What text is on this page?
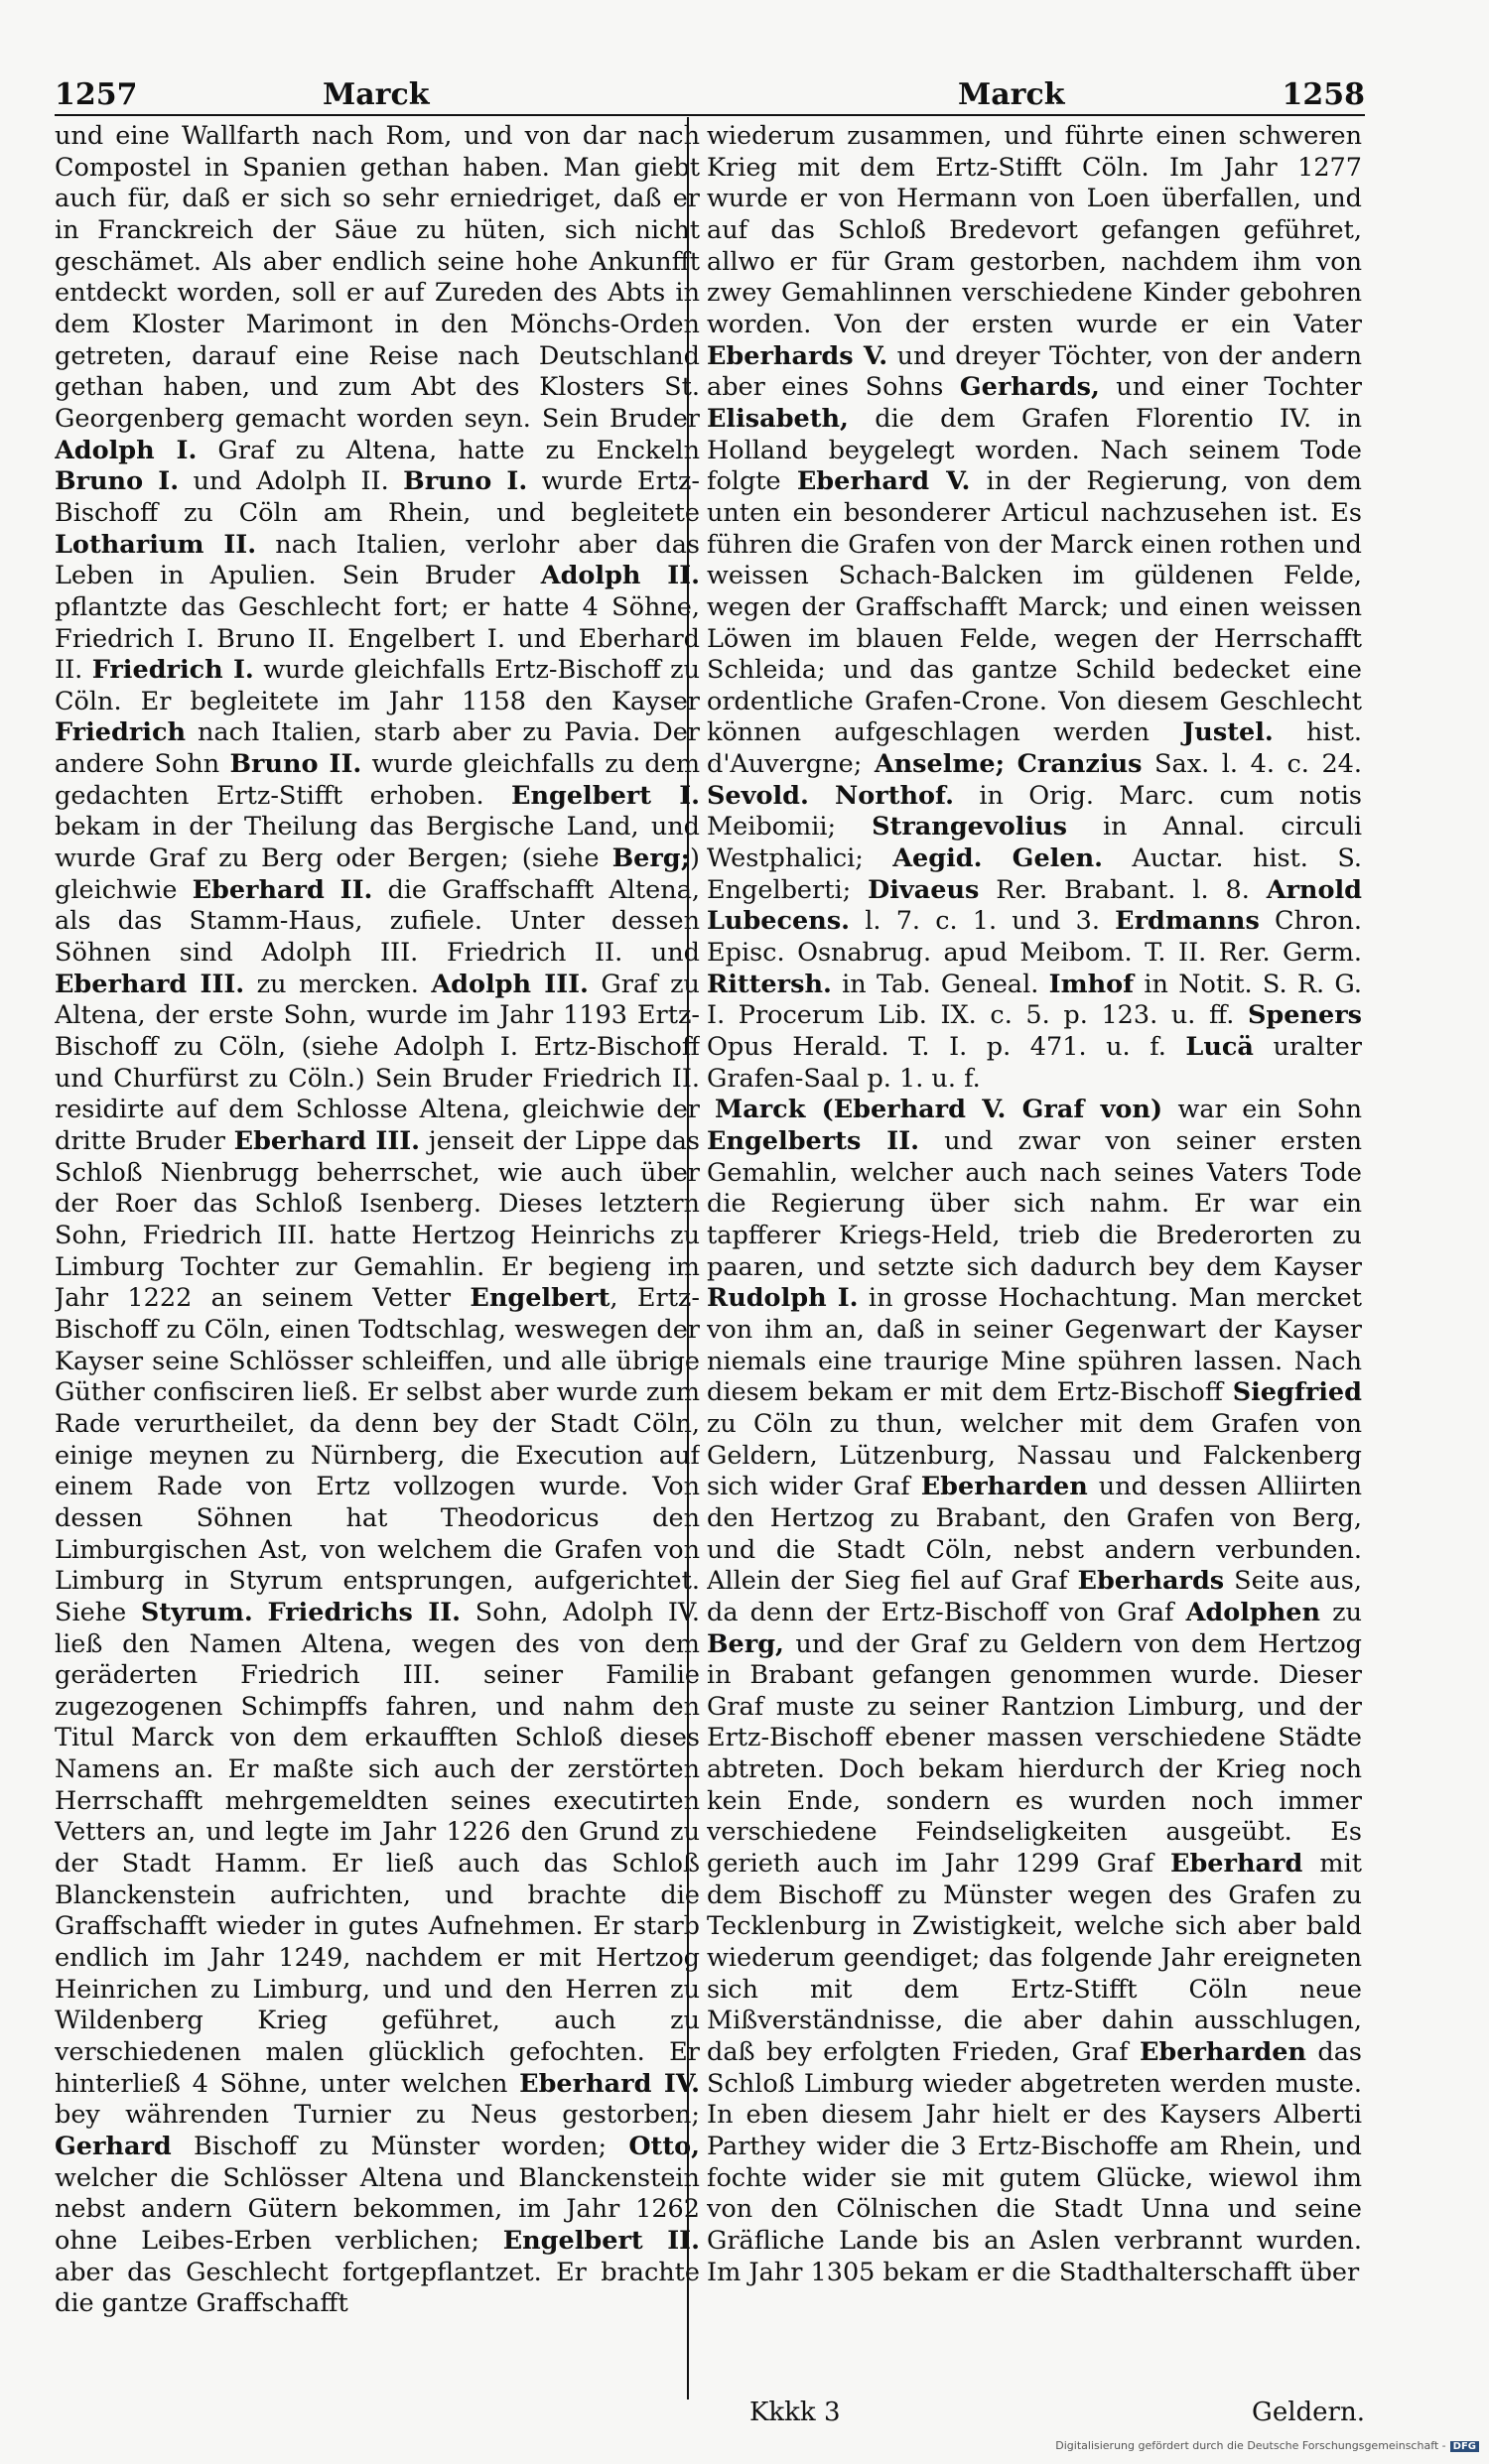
1257	Marck	Marck	1258

und eine Wallfarth nach Rom, und von dar nach Compostel in Spanien gethan haben. Man giebt auch für, daß er sich so sehr erniedriget, daß er in Franckreich der Säue zu hüten, sich nicht geschämet. Als aber endlich seine hohe Ankunfft entdeckt worden, soll er auf Zureden des Abts in dem Kloster Marimont in den Mönchs-Orden getreten, darauf eine Reise nach Deutschland gethan haben, und zum Abt des Klosters St. Georgenberg gemacht worden seyn. Sein Bruder Adolph I. Graf zu Altena, hatte zu Enckeln Bruno I. und Adolph II. Bruno I. wurde Ertz-Bischoff zu Cöln am Rhein, und begleitete Lotharium II. nach Italien, verlohr aber das Leben in Apulien. Sein Bruder Adolph II. pflantzte das Geschlecht fort; er hatte 4 Söhne, Friedrich I. Bruno II. Engelbert I. und Eberhard II. Friedrich I. wurde gleichfalls Ertz-Bischoff zu Cöln. Er begleitete im Jahr 1158 den Kayser Friedrich nach Italien, starb aber zu Pavia. Der andere Sohn Bruno II. wurde gleichfalls zu dem gedachten Ertz-Stifft erhoben. Engelbert I. bekam in der Theilung das Bergische Land, und wurde Graf zu Berg oder Bergen; (siehe Berg;) gleichwie Eberhard II. die Graffschafft Altena, als das Stamm-Haus, zufiele. Unter dessen Söhnen sind Adolph III. Friedrich II. und Eberhard III. zu mercken. Adolph III. Graf zu Altena, der erste Sohn, wurde im Jahr 1193 Ertz-Bischoff zu Cöln, (siehe Adolph I. Ertz-Bischoff und Churfürst zu Cöln.) Sein Bruder Friedrich II. residirte auf dem Schlosse Altena, gleichwie der dritte Bruder Eberhard III. jenseit der Lippe das Schloß Nienbrugg beherrschet, wie auch über der Roer das Schloß Isenberg. Dieses letztern Sohn, Friedrich III. hatte Hertzog Heinrichs zu Limburg Tochter zur Gemahlin. Er begieng im Jahr 1222 an seinem Vetter Engelbert, Ertz-Bischoff zu Cöln, einen Todtschlag, weswegen der Kayser seine Schlösser schleiffen, und alle übrige Güther confisciren ließ. Er selbst aber wurde zum Rade verurtheilet, da denn bey der Stadt Cöln, einige meynen zu Nürnberg, die Execution auf einem Rade von Ertz vollzogen wurde. Von dessen Söhnen hat Theodoricus den Limburgischen Ast, von welchem die Grafen von Limburg in Styrum entsprungen, aufgerichtet. Siehe Styrum. Friedrichs II. Sohn, Adolph IV. ließ den Namen Altena, wegen des von dem geräderten Friedrich III. seiner Familie zugezogenen Schimpffs fahren, und nahm den Titul Marck von dem erkaufften Schloß dieses Namens an. Er maßte sich auch der zerstörten Herrschafft mehrgemeldten seines executirten Vetters an, und legte im Jahr 1226 den Grund zu der Stadt Hamm. Er ließ auch das Schloß Blanckenstein aufrichten, und brachte die Graffschafft wieder in gutes Aufnehmen. Er starb endlich im Jahr 1249, nachdem er mit Hertzog Heinrichen zu Limburg, und und den Herren zu Wildenberg Krieg geführet, auch zu verschiedenen malen glücklich gefochten. Er hinterließ 4 Söhne, unter welchen Eberhard IV. bey währenden Turnier zu Neus gestorben; Gerhard Bischoff zu Münster worden; Otto, welcher die Schlösser Altena und Blanckenstein nebst andern Gütern bekommen, im Jahr 1262 ohne Leibes-Erben verblichen; Engelbert II. aber das Geschlecht fortgepflantzet. Er brachte die gantze Graffschafft

wiederum zusammen, und führte einen schweren Krieg mit dem Ertz-Stifft Cöln. Im Jahr 1277 wurde er von Hermann von Loen überfallen, und auf das Schloß Bredevort gefangen geführet, allwo er für Gram gestorben, nachdem ihm von zwey Gemahlinnen verschiedene Kinder gebohren worden. Von der ersten wurde er ein Vater Eberhards V. und dreyer Töchter, von der andern aber eines Sohns Gerhards, und einer Tochter Elisabeth, die dem Grafen Florentio IV. in Holland beygelegt worden. Nach seinem Tode folgte Eberhard V. in der Regierung, von dem unten ein besonderer Articul nachzusehen ist. Es führen die Grafen von der Marck einen rothen und weissen Schach-Balcken im güldenen Felde, wegen der Graffschafft Marck; und einen weissen Löwen im blauen Felde, wegen der Herrschafft Schleida; und das gantze Schild bedecket eine ordentliche Grafen-Crone. Von diesem Geschlecht können aufgeschlagen werden Justel. hist. d'Auvergne; Anselme; Cranzius Sax. l. 4. c. 24. Sevold. Northof. in Orig. Marc. cum notis Meibomii; Strangevolius in Annal. circuli Westphalici; Aegid. Gelen. Auctar. hist. S. Engelberti; Divaeus Rer. Brabant. l. 8. Arnold Lubecens. l. 7. c. 1. und 3. Erdmanns Chron. Episc. Osnabrug. apud Meibom. T. II. Rer. Germ. Rittersh. in Tab. Geneal. Imhof in Notit. S. R. G. I. Procerum Lib. IX. c. 5. p. 123. u. ff. Speners Opus Herald. T. I. p. 471. u. f. Lucä uralter Grafen-Saal p. 1. u. f.

Marck (Eberhard V. Graf von) war ein Sohn Engelberts II. und zwar von seiner ersten Gemahlin, welcher auch nach seines Vaters Tode die Regierung über sich nahm. Er war ein tapfferer Kriegs-Held, trieb die Brederorten zu paaren, und setzte sich dadurch bey dem Kayser Rudolph I. in grosse Hochachtung. Man mercket von ihm an, daß in seiner Gegenwart der Kayser niemals eine traurige Mine spühren lassen. Nach diesem bekam er mit dem Ertz-Bischoff Siegfried zu Cöln zu thun, welcher mit dem Grafen von Geldern, Lützenburg, Nassau und Falckenberg sich wider Graf Eberharden und dessen Alliirten den Hertzog zu Brabant, den Grafen von Berg, und die Stadt Cöln, nebst andern verbunden. Allein der Sieg fiel auf Graf Eberhards Seite aus, da denn der Ertz-Bischoff von Graf Adolphen zu Berg, und der Graf zu Geldern von dem Hertzog in Brabant gefangen genommen wurde. Dieser Graf muste zu seiner Rantzion Limburg, und der Ertz-Bischoff ebener massen verschiedene Städte abtreten. Doch bekam hierdurch der Krieg noch kein Ende, sondern es wurden noch immer verschiedene Feindseligkeiten ausgeübt. Es gerieth auch im Jahr 1299 Graf Eberhard mit dem Bischoff zu Münster wegen des Grafen zu Tecklenburg in Zwistigkeit, welche sich aber bald wiederum geendiget; das folgende Jahr ereigneten sich mit dem Ertz-Stifft Cöln neue Mißverständnisse, die aber dahin ausschlugen, daß bey erfolgten Frieden, Graf Eberharden das Schloß Limburg wieder abgetreten werden muste. In eben diesem Jahr hielt er des Kaysers Alberti Parthey wider die 3 Ertz-Bischoffe am Rhein, und fochte wider sie mit gutem Glücke, wiewol ihm von den Cölnischen die Stadt Unna und seine Gräfliche Lande bis an Aslen verbrannt wurden. Im Jahr 1305 bekam er die Stadthalterschafft über

Kkkk 3	Geldern.
Digitalisierung gefördert durch die Deutsche Forschungsgemeinschaft - DFG
